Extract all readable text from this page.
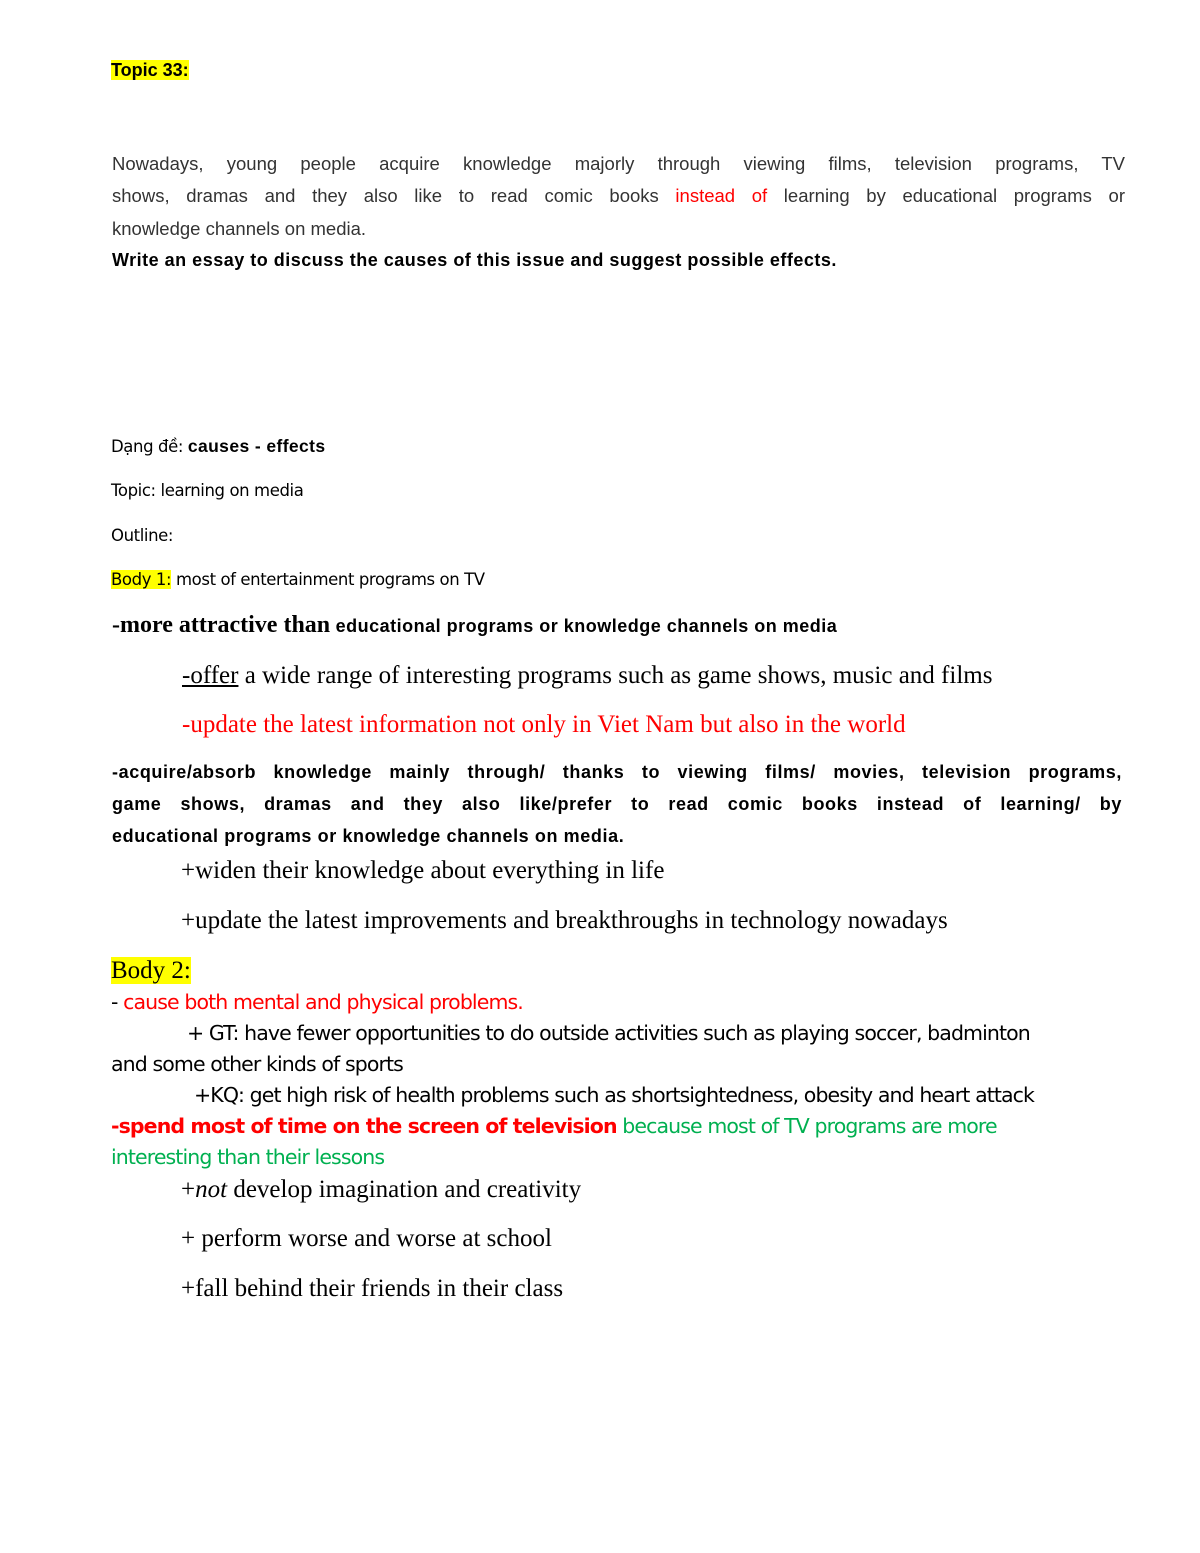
Topic 33:
Nowadays, young people acquire knowledge majorly through viewing films, television programs, TV
shows, dramas and they also like to read comic books instead of learning by educational programs or
knowledge channels on media.
Write an essay to discuss the causes of this issue and suggest possible effects.
Dạng đề: causes - effects
Topic: learning on media
Outline:
Body 1: most of entertainment programs on TV
-more attractive than educational programs or knowledge channels on media
-offer a wide range of interesting programs such as game shows, music and films
-update the latest information not only in Viet Nam but also in the world
-acquire/absorb knowledge mainly through/ thanks to viewing films/ movies, television programs,
game shows, dramas and they also like/prefer to read comic books instead of learning/ by
educational programs or knowledge channels on media.
+widen their knowledge about everything in life
+update the latest improvements and breakthroughs in technology nowadays
Body 2:
- cause both mental and physical problems.
+ GT: have fewer opportunities to do outside activities such as playing soccer, badminton
and some other kinds of sports
+KQ: get high risk of health problems such as shortsightedness, obesity and heart attack
-spend most of time on the screen of television because most of TV programs are more
interesting than their lessons
+not develop imagination and creativity
+ perform worse and worse at school
+fall behind their friends in their class
